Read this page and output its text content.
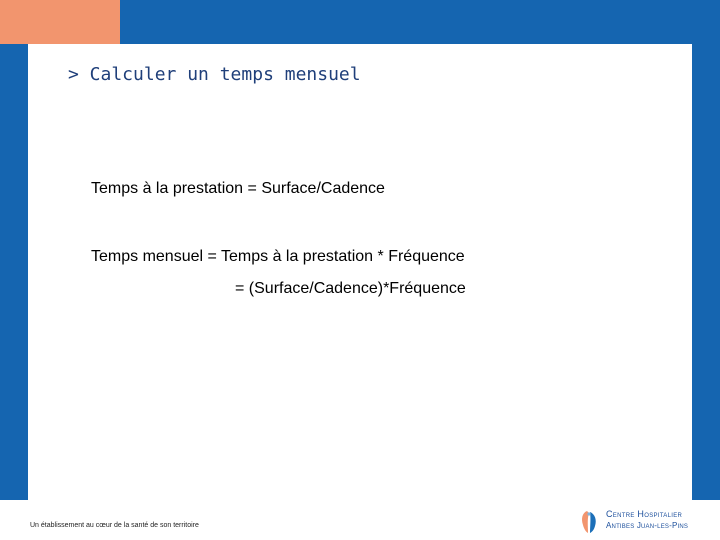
> Calculer un temps mensuel
Temps à la prestation = Surface/Cadence
Temps mensuel = Temps à la prestation * Fréquence
= (Surface/Cadence)*Fréquence
Un établissement au cœur de la santé de son territoire
Centre Hospitalier
Antibes Juan-les-Pins
